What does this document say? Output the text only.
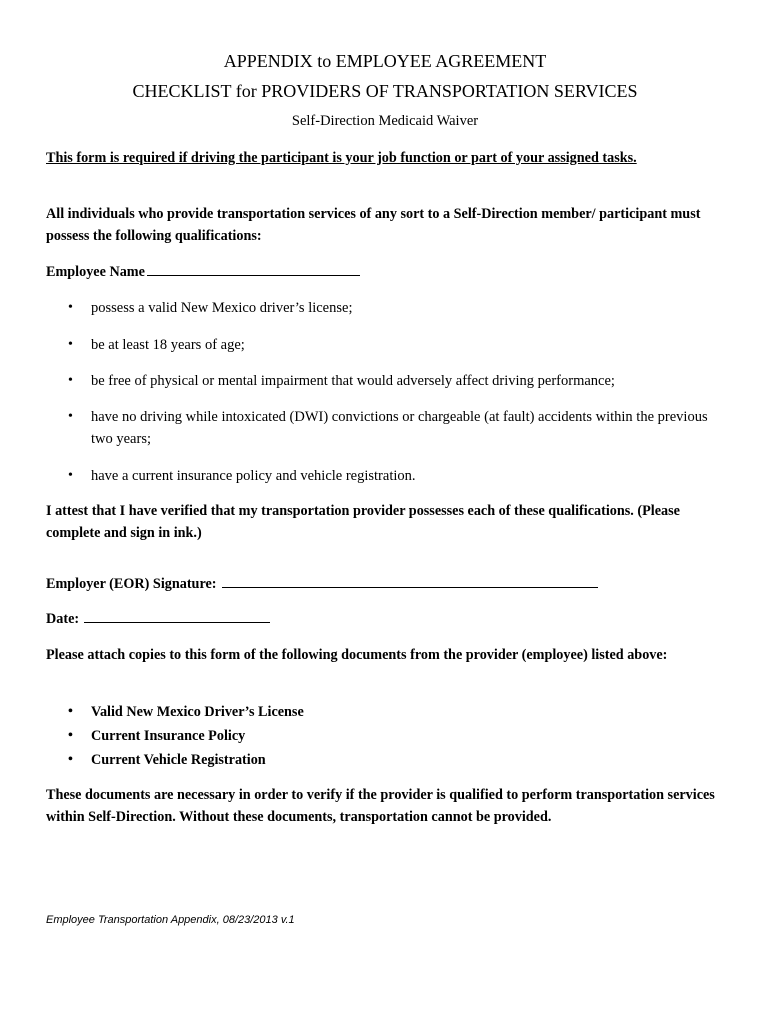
APPENDIX to EMPLOYEE AGREEMENT
CHECKLIST for PROVIDERS OF TRANSPORTATION SERVICES
Self-Direction Medicaid Waiver
This form is required if driving the participant is your job function or part of your assigned tasks.
All individuals who provide transportation services of any sort to a Self-Direction member/ participant must possess the following qualifications:
Employee Name
•	possess a valid New Mexico driver’s license;
•	be at least 18 years of age;
•	be free of physical or mental impairment that would adversely affect driving performance;
•	have no driving while intoxicated (DWI) convictions or chargeable (at fault) accidents within the previous two years;
•	have a current insurance policy and vehicle registration.
I attest that I have verified that my transportation provider possesses each of these qualifications. (Please complete and sign in ink.)
Employer (EOR) Signature:
Date:
Please attach copies to this form of the following documents from the provider (employee) listed above:
•	Valid New Mexico Driver’s License
•	Current Insurance Policy
•	Current Vehicle Registration
These documents are necessary in order to verify if the provider is qualified to perform transportation services within Self-Direction. Without these documents, transportation cannot be provided.
Employee Transportation Appendix, 08/23/2013 v.1
